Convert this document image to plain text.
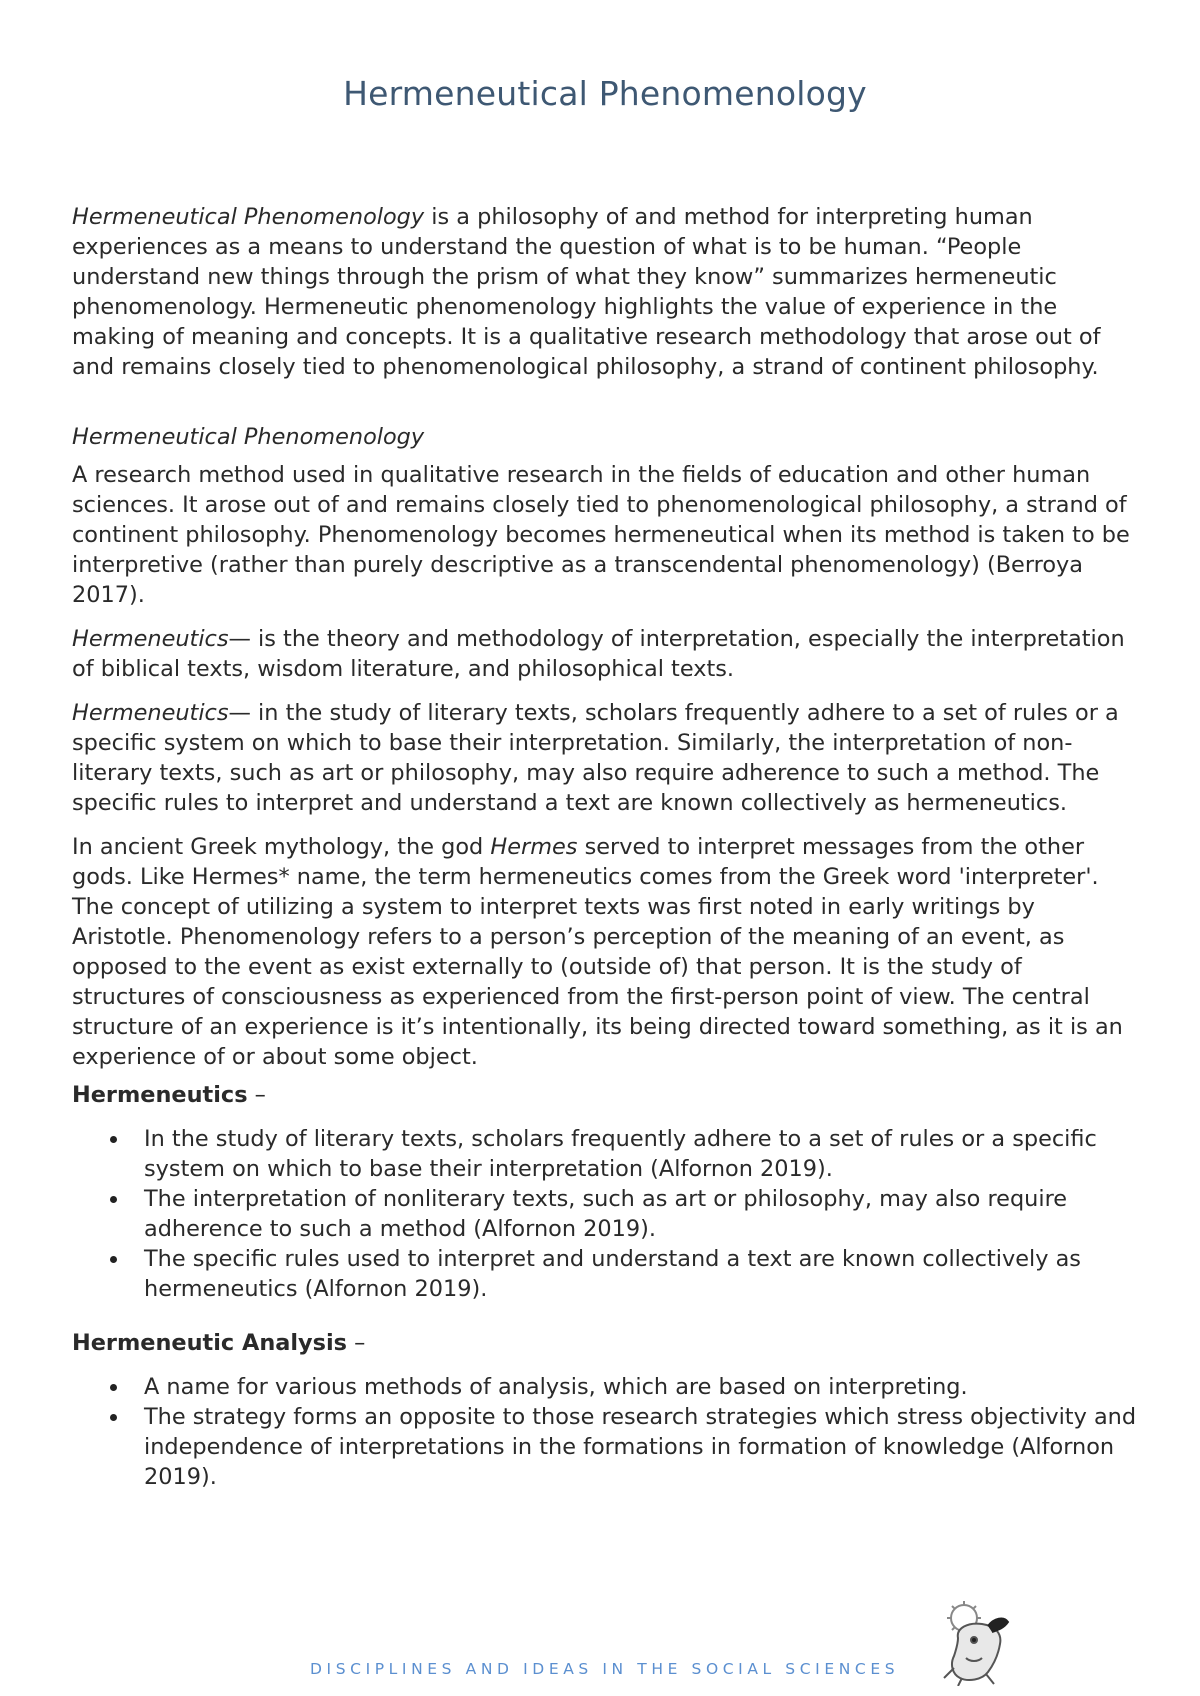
Hermeneutical Phenomenology

Hermeneutical Phenomenology is a philosophy of and method for interpreting human experiences as a means to understand the question of what is to be human. “People understand new things through the prism of what they know” summarizes hermeneutic phenomenology. Hermeneutic phenomenology highlights the value of experience in the making of meaning and concepts. It is a qualitative research methodology that arose out of and remains closely tied to phenomenological philosophy, a strand of continent philosophy.

Hermeneutical Phenomenology

A research method used in qualitative research in the fields of education and other human sciences. It arose out of and remains closely tied to phenomenological philosophy, a strand of continent philosophy. Phenomenology becomes hermeneutical when its method is taken to be interpretive (rather than purely descriptive as a transcendental phenomenology) (Berroya 2017).

Hermeneutics— is the theory and methodology of interpretation, especially the interpretation of biblical texts, wisdom literature, and philosophical texts.

Hermeneutics— in the study of literary texts, scholars frequently adhere to a set of rules or a specific system on which to base their interpretation. Similarly, the interpretation of non-literary texts, such as art or philosophy, may also require adherence to such a method. The specific rules to interpret and understand a text are known collectively as hermeneutics.

In ancient Greek mythology, the god Hermes served to interpret messages from the other gods. Like Hermes* name, the term hermeneutics comes from the Greek word 'interpreter'. The concept of utilizing a system to interpret texts was first noted in early writings by Aristotle. Phenomenology refers to a person’s perception of the meaning of an event, as opposed to the event as exist externally to (outside of) that person. It is the study of structures of consciousness as experienced from the first-person point of view. The central structure of an experience is it’s intentionally, its being directed toward something, as it is an experience of or about some object.

Hermeneutics –

In the study of literary texts, scholars frequently adhere to a set of rules or a specific system on which to base their interpretation (Alfornon 2019).
The interpretation of nonliterary texts, such as art or philosophy, may also require adherence to such a method (Alfornon 2019).
The specific rules used to interpret and understand a text are known collectively as hermeneutics (Alfornon 2019).

Hermeneutic Analysis –

A name for various methods of analysis, which are based on interpreting.
The strategy forms an opposite to those research strategies which stress objectivity and independence of interpretations in the formations in formation of knowledge (Alfornon 2019).
DISCIPLINES AND IDEAS IN THE SOCIAL SCIENCES
